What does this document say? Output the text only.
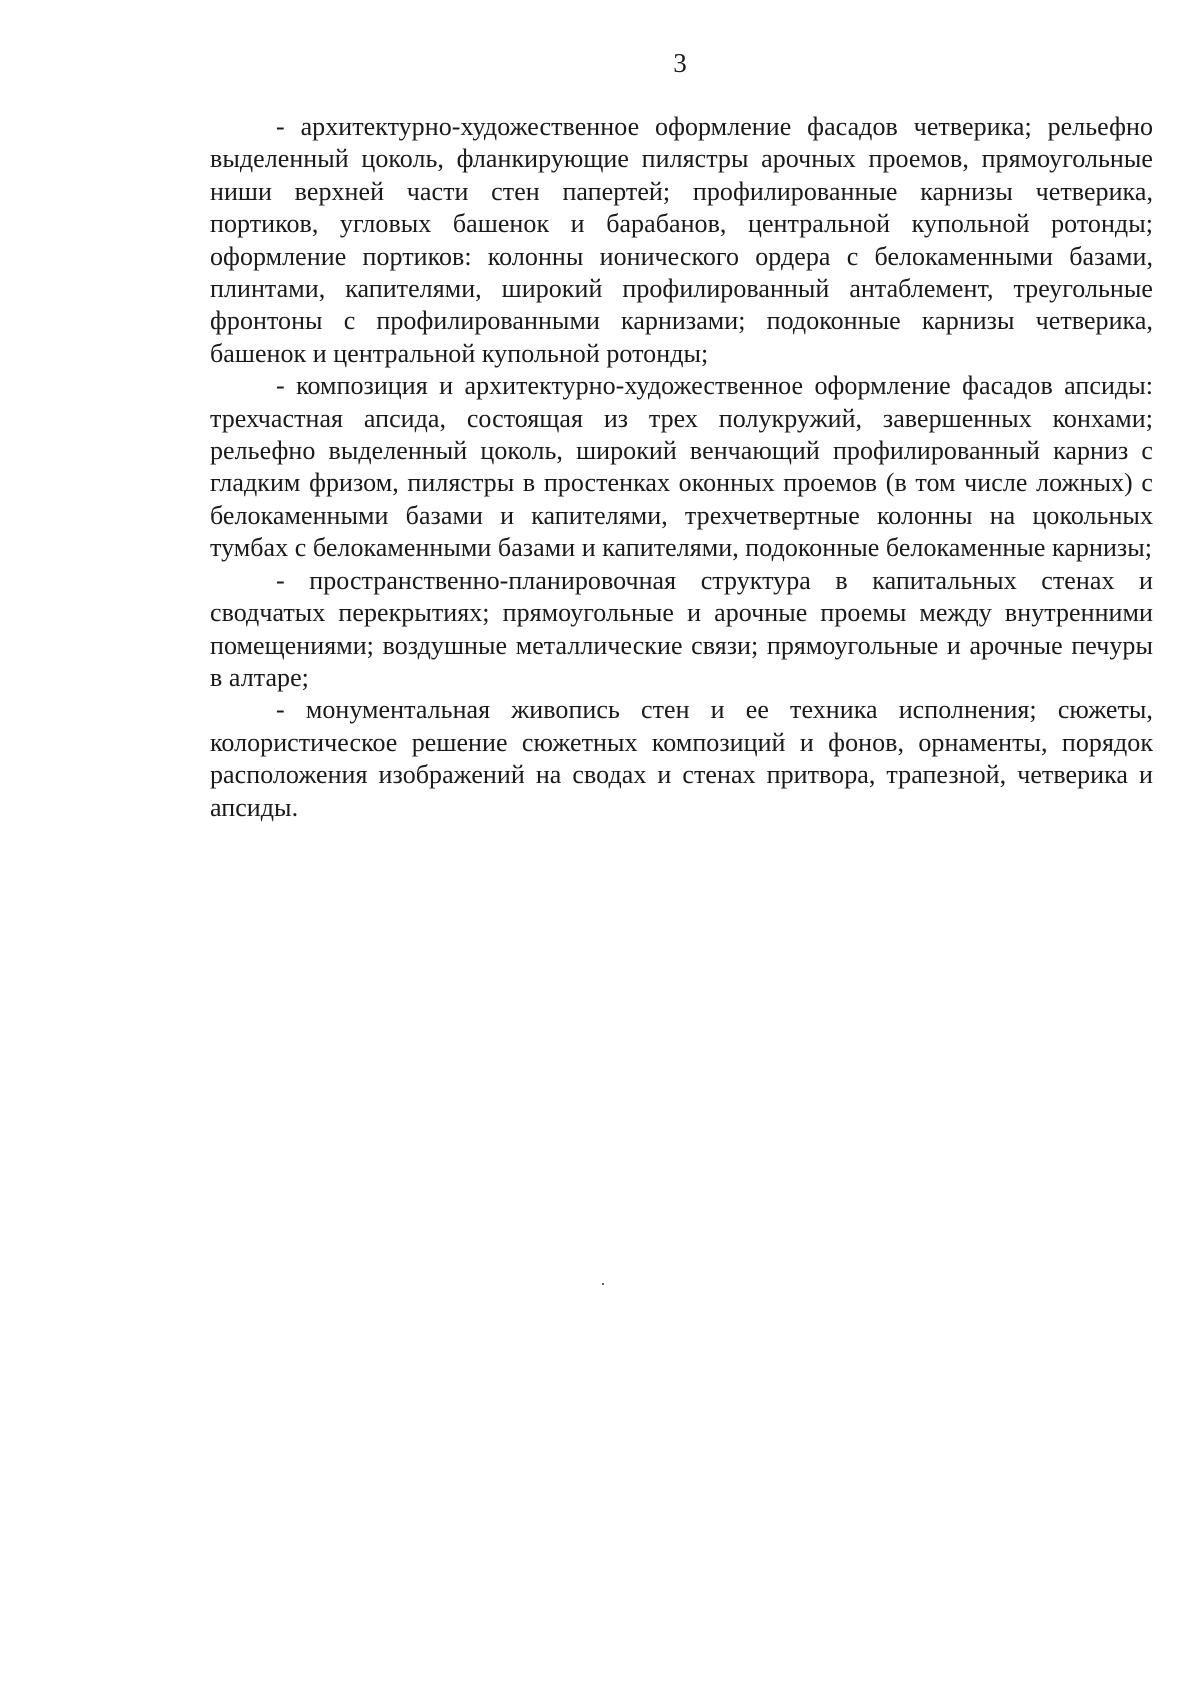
3

- архитектурно-художественное оформление фасадов четверика; рельефно выделенный цоколь, фланкирующие пилястры арочных проемов, прямоугольные ниши верхней части стен папертей; профилированные карнизы четверика, портиков, угловых башенок и барабанов, центральной купольной ротонды; оформление портиков: колонны ионического ордера с белокаменными базами, плинтами, капителями, широкий профилированный антаблемент, треугольные фронтоны с профилированными карнизами; подоконные карнизы четверика, башенок и центральной купольной ротонды;

- композиция и архитектурно-художественное оформление фасадов апсиды: трехчастная апсида, состоящая из трех полукружий, завершенных конхами; рельефно выделенный цоколь, широкий венчающий профилированный карниз с гладким фризом, пилястры в простенках оконных проемов (в том числе ложных) с белокаменными базами и капителями, трехчетвертные колонны на цокольных тумбах с белокаменными базами и капителями, подоконные белокаменные карнизы;

- пространственно-планировочная структура в капитальных стенах и сводчатых перекрытиях; прямоугольные и арочные проемы между внутренними помещениями; воздушные металлические связи; прямоугольные и арочные печуры в алтаре;

- монументальная живопись стен и ее техника исполнения; сюжеты, колористическое решение сюжетных композиций и фонов, орнаменты, порядок расположения изображений на сводах и стенах притвора, трапезной, четверика и апсиды.
